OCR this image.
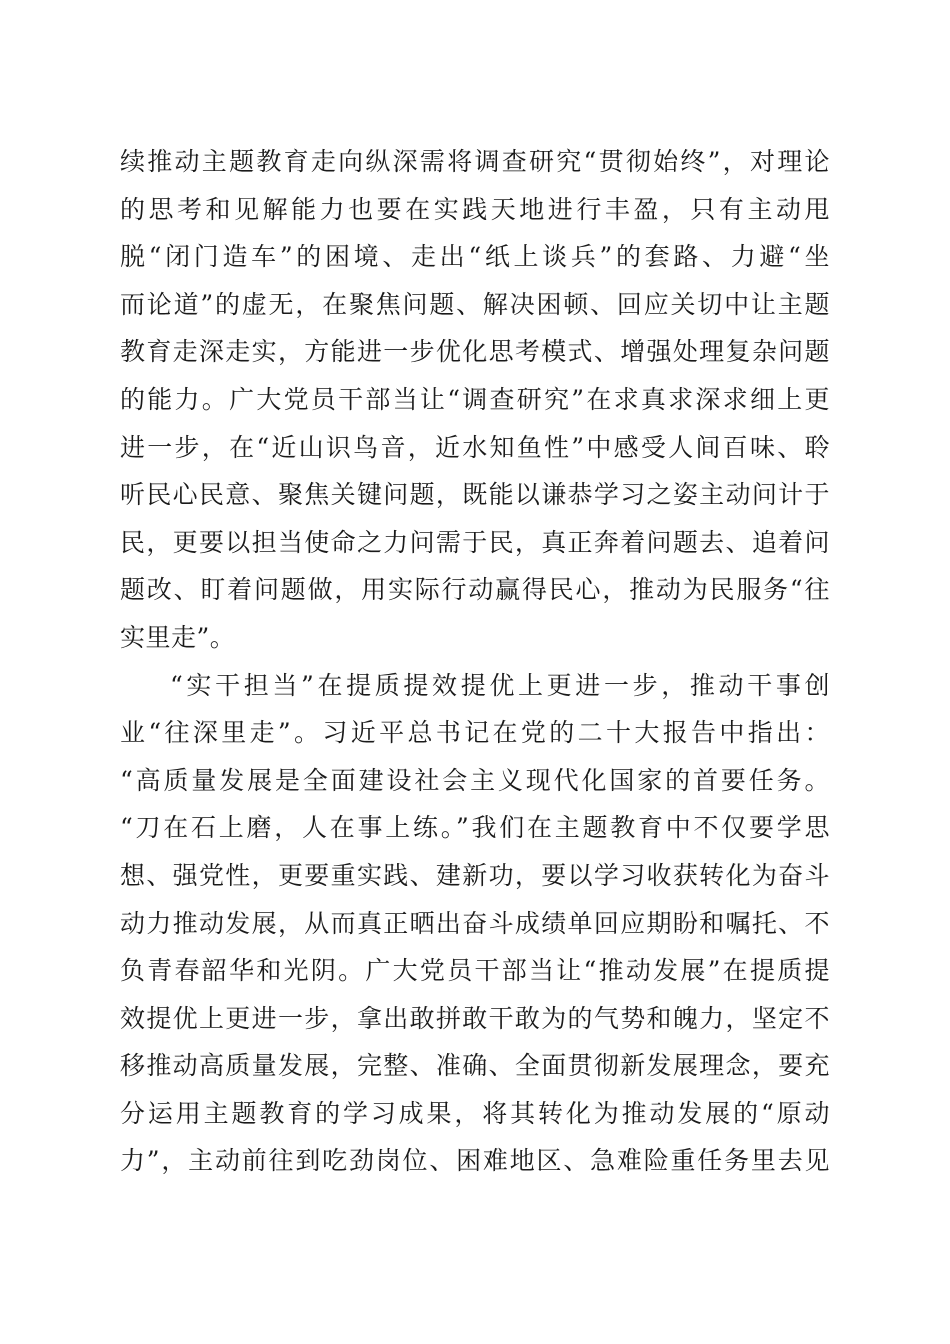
续推动主题教育走向纵深需将调查研究“贯彻始终”，对理论
的思考和见解能力也要在实践天地进行丰盈，只有主动甩
脱“闭门造车”的困境、走出“纸上谈兵”的套路、力避“坐
而论道”的虚无，在聚焦问题、解决困顿、回应关切中让主题
教育走深走实，方能进一步优化思考模式、增强处理复杂问题
的能力。广大党员干部当让“调查研究”在求真求深求细上更
进一步，在“近山识鸟音，近水知鱼性”中感受人间百味、聆
听民心民意、聚焦关键问题，既能以谦恭学习之姿主动问计于
民，更要以担当使命之力问需于民，真正奔着问题去、追着问
题改、盯着问题做，用实际行动赢得民心，推动为民服务“往
实里走”。
“实干担当”在提质提效提优上更进一步，推动干事创
业“往深里走”。习近平总书记在党的二十大报告中指出：
“高质量发展是全面建设社会主义现代化国家的首要任务。
“刀在石上磨，人在事上练。”我们在主题教育中不仅要学思
想、强党性，更要重实践、建新功，要以学习收获转化为奋斗
动力推动发展，从而真正晒出奋斗成绩单回应期盼和嘱托、不
负青春韶华和光阴。广大党员干部当让“推动发展”在提质提
效提优上更进一步，拿出敢拼敢干敢为的气势和魄力，坚定不
移推动高质量发展，完整、准确、全面贯彻新发展理念，要充
分运用主题教育的学习成果，将其转化为推动发展的“原动
力”，主动前往到吃劲岗位、困难地区、急难险重任务里去见
